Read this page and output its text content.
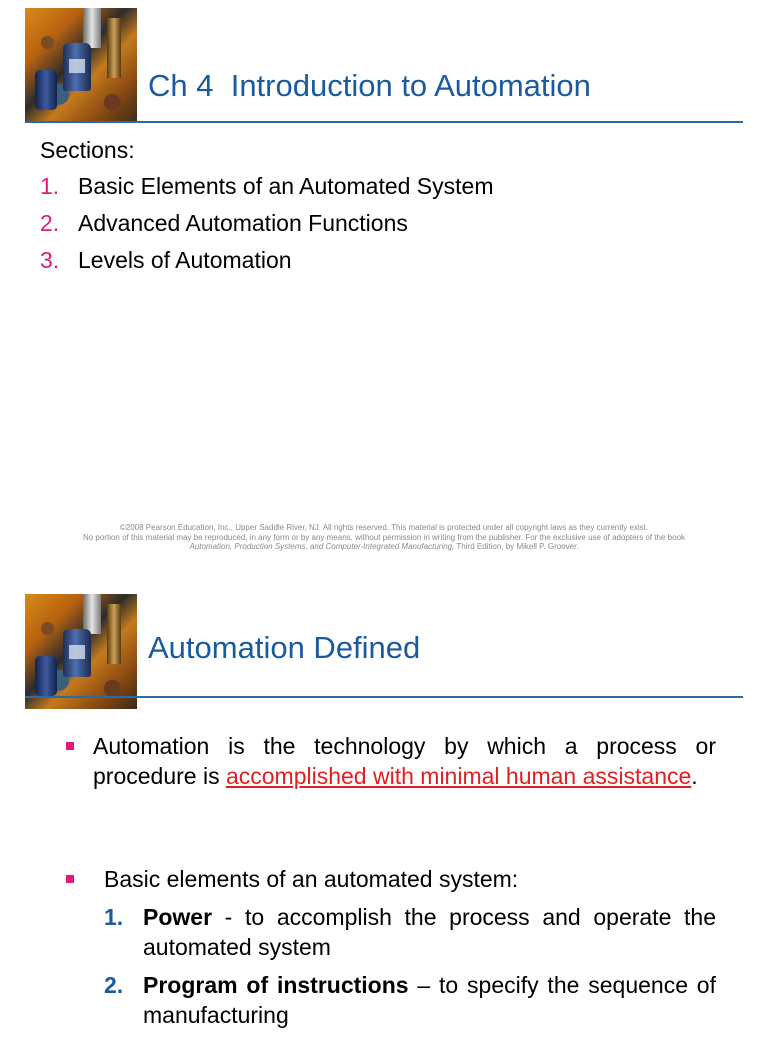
Ch 4  Introduction to Automation
Sections:
1. Basic Elements of an Automated System
2. Advanced Automation Functions
3. Levels of Automation
©2008 Pearson Education, Inc., Upper Saddle River, NJ. All rights reserved. This material is protected under all copyright laws as they currently exist.
No portion of this material may be reproduced, in any form or by any means, without permission in writing from the publisher. For the exclusive use of adopters of the book
Automation, Production Systems, and Computer-Integrated Manufacturing, Third Edition, by Mikell P. Groover.
Automation Defined
Automation is the technology by which a process or procedure is accomplished with minimal human assistance.
Basic elements of an automated system:
1. Power - to accomplish the process and operate the automated system
2. Program of instructions – to specify the sequence of manufacturing
